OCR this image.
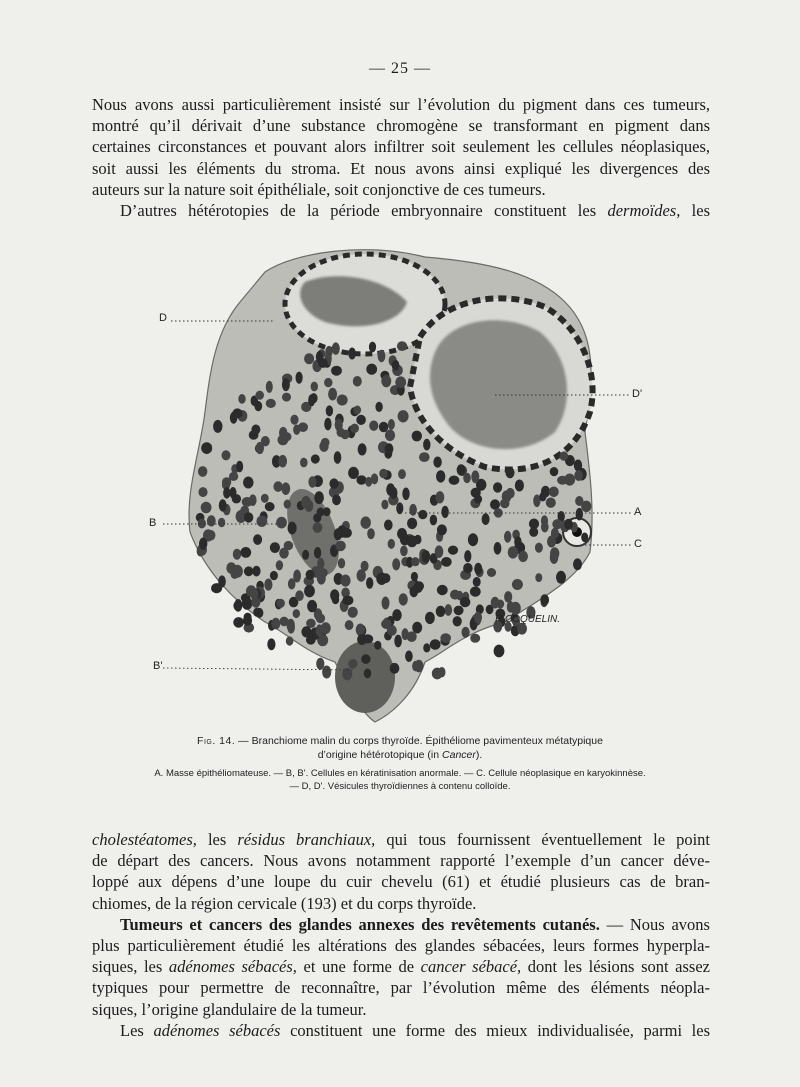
— 25 —

Nous avons aussi particulièrement insisté sur l’évolution du pigment dans ces tumeurs,
montré qu’il dérivait d’une substance chromogène se transformant en pigment dans
certaines circonstances et pouvant alors infiltrer soit seulement les cellules néoplasiques,
soit aussi les éléments du stroma. Et nous avons ainsi expliqué les divergences des
auteurs sur la nature soit épithéliale, soit conjonctive de ces tumeurs.
D’autres hétérotopies de la période embryonnaire constituent les dermoïdes, les

R.COQUELIN.
D
D'
A
B
C
B'
Fig. 14. — Branchiome malin du corps thyroïde. Épithéliome pavimenteux métatypique
d’origine hétérotopique (in Cancer).
A. Masse épithéliomateuse. — B, B'. Cellules en kératinisation anormale. — C. Cellule néoplasique en karyokinnèse.
— D, D'. Vésicules thyroïdiennes à contenu colloïde.

cholestéatomes, les résidus branchiaux, qui tous fournissent éventuellement le point
de départ des cancers. Nous avons notamment rapporté l’exemple d’un cancer déve-
loppé aux dépens d’une loupe du cuir chevelu (61) et étudié plusieurs cas de bran-
chiomes, de la région cervicale (193) et du corps thyroïde.
Tumeurs et cancers des glandes annexes des revêtements cutanés. — Nous avons
plus particulièrement étudié les altérations des glandes sébacées, leurs formes hyperpla-
siques, les adénomes sébacés, et une forme de cancer sébacé, dont les lésions sont assez
typiques pour permettre de reconnaître, par l’évolution même des éléments néopla-
siques, l’origine glandulaire de la tumeur.
Les adénomes sébacés constituent une forme des mieux individualisée, parmi les
